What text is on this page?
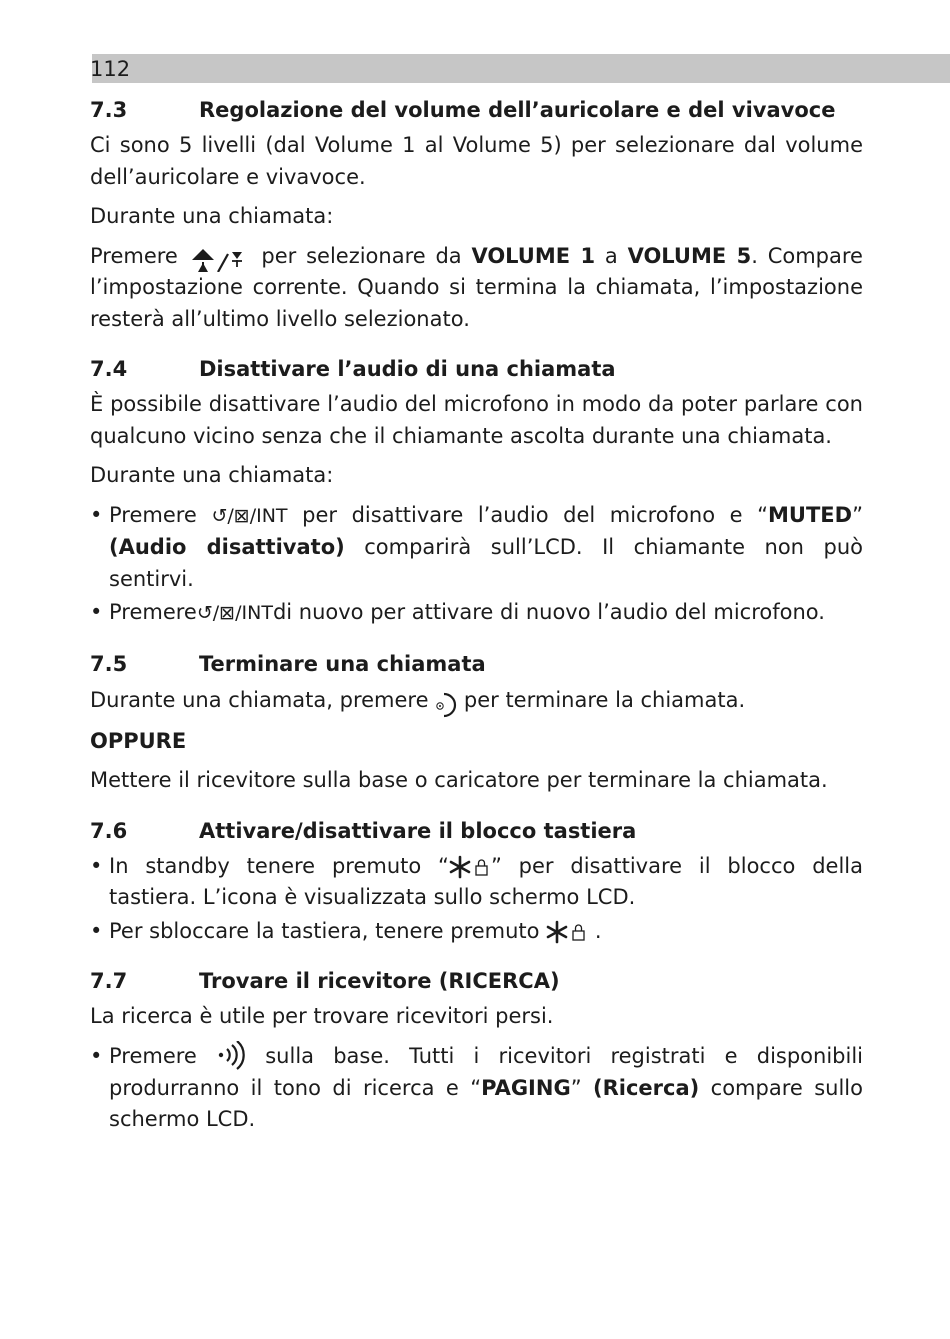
112
7.3	Regolazione del volume dell’auricolare e del vivavoce

Ci sono 5 livelli (dal Volume 1 al Volume 5) per selezionare dal volume dell’auricolare e vivavoce.

Durante una chiamata:

Premere	per selezionare da VOLUME 1 a VOLUME 5. Compare l’impostazione corrente. Quando si termina la chiamata, l’impostazione resterà all’ultimo livello selezionato.

7.4	Disattivare l’audio di una chiamata

È possibile disattivare l’audio del microfono in modo da poter parlare con qualcuno vicino senza che il chiamante ascolta durante una chiamata.

Durante una chiamata:

• Premere ↺/⊠/INT per disattivare l’audio del microfono e “MUTED” (Audio disattivato) comparirà sull’LCD. Il chiamante non può sentirvi.
• Premere↺/⊠/INTdi nuovo per attivare di nuovo l’audio del microfono.
7.5	Terminare una chiamata

Durante una chiamata, premere per terminare la chiamata.

OPPURE

Mettere il ricevitore sulla base o caricatore per terminare la chiamata.

7.6	Attivare/disattivare il blocco tastiera
• In standby tenere premuto “ ” per disattivare il blocco della tastiera. L’icona è visualizzata sullo schermo LCD.
• Per sbloccare la tastiera, tenere premuto	.
7.7	Trovare il ricevitore (RICERCA)

La ricerca è utile per trovare ricevitori persi.

• Premere	sulla base. Tutti i ricevitori registrati e disponibili produrranno il tono di ricerca e “PAGING” (Ricerca) compare sullo schermo LCD.
